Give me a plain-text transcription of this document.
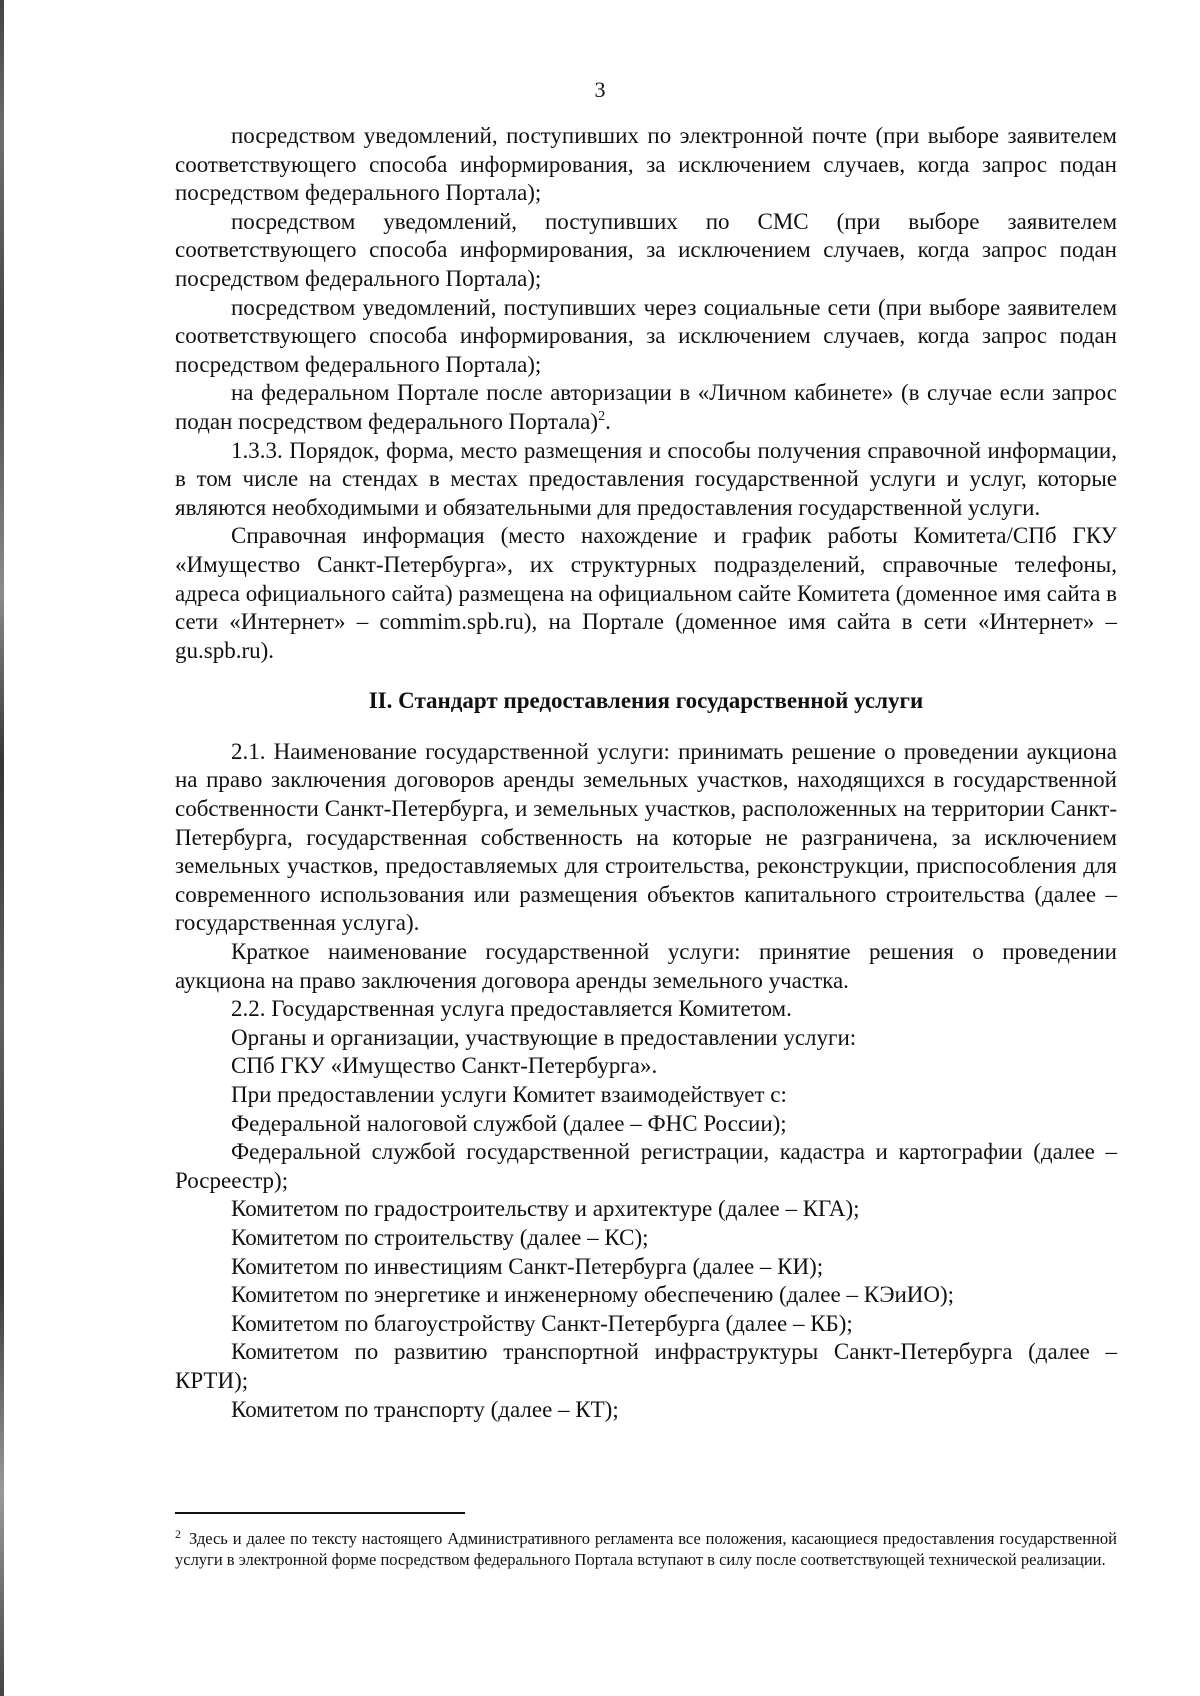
3

посредством уведомлений, поступивших по электронной почте (при выборе заявителем соответствующего способа информирования, за исключением случаев, когда запрос подан посредством федерального Портала);

посредством уведомлений, поступивших по СМС (при выборе заявителем соответствующего способа информирования, за исключением случаев, когда запрос подан посредством федерального Портала);

посредством уведомлений, поступивших через социальные сети (при выборе заявителем соответствующего способа информирования, за исключением случаев, когда запрос подан посредством федерального Портала);

на федеральном Портале после авторизации в «Личном кабинете» (в случае если запрос подан посредством федерального Портала)$^2$.

1.3.3. Порядок, форма, место размещения и способы получения справочной информации, в том числе на стендах в местах предоставления государственной услуги и услуг, которые являются необходимыми и обязательными для предоставления государственной услуги.

Справочная информация (место нахождение и график работы Комитета/СПб ГКУ «Имущество Санкт-Петербурга», их структурных подразделений, справочные телефоны, адреса официального сайта) размещена на официальном сайте Комитета (доменное имя сайта в сети «Интернет» – commim.spb.ru), на Портале (доменное имя сайта в сети «Интернет» – gu.spb.ru).

II. Стандарт предоставления государственной услуги

2.1. Наименование государственной услуги: принимать решение о проведении аукциона на право заключения договоров аренды земельных участков, находящихся в государственной собственности Санкт-Петербурга, и земельных участков, расположенных на территории Санкт-Петербурга, государственная собственность на которые не разграничена, за исключением земельных участков, предоставляемых для строительства, реконструкции, приспособления для современного использования или размещения объектов капитального строительства (далее – государственная услуга).

Краткое наименование государственной услуги: принятие решения о проведении аукциона на право заключения договора аренды земельного участка.

2.2. Государственная услуга предоставляется Комитетом.

Органы и организации, участвующие в предоставлении услуги:

СПб ГКУ «Имущество Санкт-Петербурга».

При предоставлении услуги Комитет взаимодействует с:

Федеральной налоговой службой (далее – ФНС России);

Федеральной службой государственной регистрации, кадастра и картографии (далее – Росреестр);

Комитетом по градостроительству и архитектуре (далее – КГА);

Комитетом по строительству (далее – КС);

Комитетом по инвестициям Санкт-Петербурга (далее – КИ);

Комитетом по энергетике и инженерному обеспечению (далее – КЭиИО);

Комитетом по благоустройству Санкт-Петербурга (далее – КБ);

Комитетом по развитию транспортной инфраструктуры Санкт-Петербурга (далее – КРТИ);

Комитетом по транспорту (далее – КТ);

$^2$ Здесь и далее по тексту настоящего Административного регламента все положения, касающиеся предоставления государственной услуги в электронной форме посредством федерального Портала вступают в силу после соответствующей технической реализации.
